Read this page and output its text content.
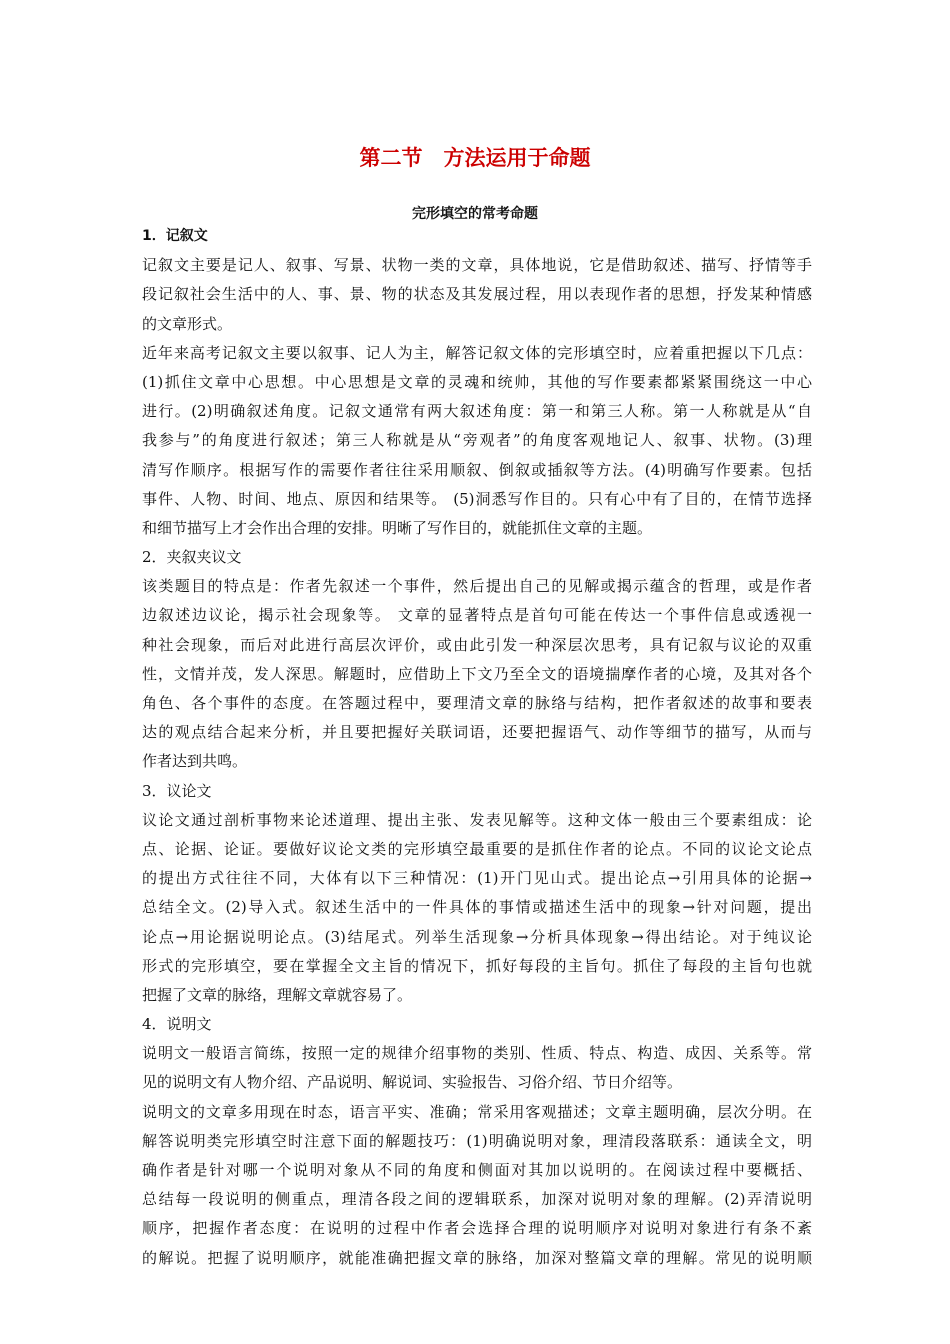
第二节　方法运用于命题
完形填空的常考命题
1．记叙文
记叙文主要是记人、叙事、写景、状物一类的文章，具体地说，它是借助叙述、描写、抒情等手
段记叙社会生活中的人、事、景、物的状态及其发展过程，用以表现作者的思想，抒发某种情感
的文章形式。
近年来高考记叙文主要以叙事、记人为主，解答记叙文体的完形填空时，应着重把握以下几点：
(1)抓住文章中心思想。中心思想是文章的灵魂和统帅，其他的写作要素都紧紧围绕这一中心
进行。(2)明确叙述角度。记叙文通常有两大叙述角度：第一和第三人称。第一人称就是从“自
我参与”的角度进行叙述；第三人称就是从“旁观者”的角度客观地记人、叙事、状物。(3)理
清写作顺序。根据写作的需要作者往往采用顺叙、倒叙或插叙等方法。(4)明确写作要素。包括
事件、人物、时间、地点、原因和结果等。 (5)洞悉写作目的。只有心中有了目的，在情节选择
和细节描写上才会作出合理的安排。明晰了写作目的，就能抓住文章的主题。
2．夹叙夹议文
该类题目的特点是：作者先叙述一个事件，然后提出自己的见解或揭示蕴含的哲理，或是作者
边叙述边议论，揭示社会现象等。 文章的显著特点是首句可能在传达一个事件信息或透视一
种社会现象，而后对此进行高层次评价，或由此引发一种深层次思考，具有记叙与议论的双重
性，文情并茂，发人深思。解题时，应借助上下文乃至全文的语境揣摩作者的心境，及其对各个
角色、各个事件的态度。在答题过程中，要理清文章的脉络与结构，把作者叙述的故事和要表
达的观点结合起来分析，并且要把握好关联词语，还要把握语气、动作等细节的描写，从而与
作者达到共鸣。
3．议论文
议论文通过剖析事物来论述道理、提出主张、发表见解等。这种文体一般由三个要素组成：论
点、论据、论证。要做好议论文类的完形填空最重要的是抓住作者的论点。不同的议论文论点
的提出方式往往不同，大体有以下三种情况：(1)开门见山式。提出论点→引用具体的论据→
总结全文。(2)导入式。叙述生活中的一件具体的事情或描述生活中的现象→针对问题，提出
论点→用论据说明论点。(3)结尾式。列举生活现象→分析具体现象→得出结论。对于纯议论
形式的完形填空，要在掌握全文主旨的情况下，抓好每段的主旨句。抓住了每段的主旨句也就
把握了文章的脉络，理解文章就容易了。
4．说明文
说明文一般语言简练，按照一定的规律介绍事物的类别、性质、特点、构造、成因、关系等。常
见的说明文有人物介绍、产品说明、解说词、实验报告、习俗介绍、节日介绍等。
说明文的文章多用现在时态，语言平实、准确；常采用客观描述；文章主题明确，层次分明。在
解答说明类完形填空时注意下面的解题技巧：(1)明确说明对象，理清段落联系：通读全文，明
确作者是针对哪一个说明对象从不同的角度和侧面对其加以说明的。在阅读过程中要概括、
总结每一段说明的侧重点，理清各段之间的逻辑联系，加深对说明对象的理解。(2)弄清说明
顺序，把握作者态度：在说明的过程中作者会选择合理的说明顺序对说明对象进行有条不紊
的解说。把握了说明顺序，就能准确把握文章的脉络，加深对整篇文章的理解。常见的说明顺
